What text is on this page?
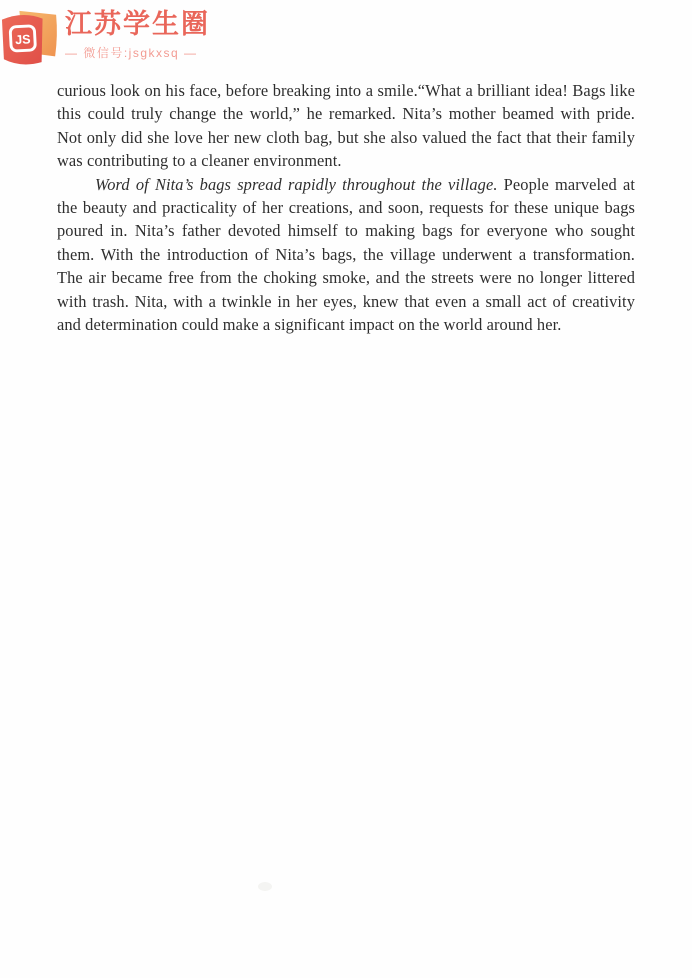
JS
江苏学生圈
— 微信号:jsgkxsq —

curious look on his face, before breaking into a smile.“What a brilliant idea! Bags like this could truly change the world,” he remarked. Nita’s mother beamed with pride. Not only did she love her new cloth bag, but she also valued the fact that their family was contributing to a cleaner environment.

Word of Nita’s bags spread rapidly throughout the village. People marveled at the beauty and practicality of her creations, and soon, requests for these unique bags poured in. Nita’s father devoted himself to making bags for everyone who sought them. With the introduction of Nita’s bags, the village underwent a transformation. The air became free from the choking smoke, and the streets were no longer littered with trash. Nita, with a twinkle in her eyes, knew that even a small act of creativity and determination could make a significant impact on the world around her.
